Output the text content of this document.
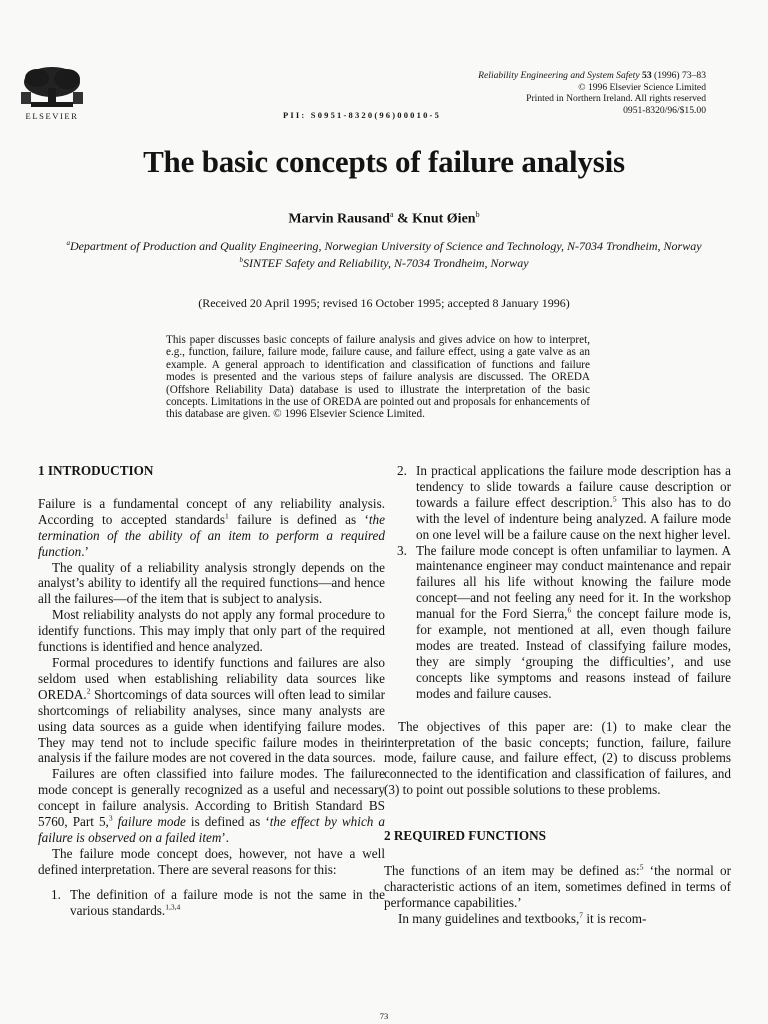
ELSEVIER	PII: S0951-8320(96)00010-5
Reliability Engineering and System Safety 53 (1996) 73–83
© 1996 Elsevier Science Limited
Printed in Northern Ireland. All rights reserved
0951-8320/96/$15.00
The basic concepts of failure analysis
Marvin Rausand$^a$ & Knut Øien$^b$
$^a$Department of Production and Quality Engineering, Norwegian University of Science and Technology, N-7034 Trondheim, Norway
$^b$SINTEF Safety and Reliability, N-7034 Trondheim, Norway
(Received 20 April 1995; revised 16 October 1995; accepted 8 January 1996)
This paper discusses basic concepts of failure analysis and gives advice on how to interpret, e.g., function, failure, failure mode, failure cause, and failure effect, using a gate valve as an example. A general approach to identification and classification of functions and failure modes is presented and the various steps of failure analysis are discussed. The OREDA (Offshore Reliability Data) database is used to illustrate the interpretation of the basic concepts. Limitations in the use of OREDA are pointed out and proposals for enhancements of this database are given. © 1996 Elsevier Science Limited.
1 INTRODUCTION

Failure is a fundamental concept of any reliability analysis. According to accepted standards$^1$ failure is defined as ‘the termination of the ability of an item to perform a required function.’

The quality of a reliability analysis strongly depends on the analyst’s ability to identify all the required functions—and hence all the failures—of the item that is subject to analysis.

Most reliability analysts do not apply any formal procedure to identify functions. This may imply that only part of the required functions is identified and hence analyzed.

Formal procedures to identify functions and failures are also seldom used when establishing reliability data sources like OREDA.$^2$ Shortcomings of data sources will often lead to similar shortcomings of reliability analyses, since many analysts are using data sources as a guide when identifying failure modes. They may tend not to include specific failure modes in their analysis if the failure modes are not covered in the data sources.

Failures are often classified into failure modes. The failure mode concept is generally recognized as a useful and necessary concept in failure analysis. According to British Standard BS 5760, Part 5,$^3$ failure mode is defined as ‘the effect by which a failure is observed on a failed item’.

The failure mode concept does, however, not have a well defined interpretation. There are several reasons for this:

1. The definition of a failure mode is not the same in the various standards.$^{1,3,4}$
2. In practical applications the failure mode description has a tendency to slide towards a failure cause description or towards a failure effect description.$^5$ This also has to do with the level of indenture being analyzed. A failure mode on one level will be a failure cause on the next higher level.
3. The failure mode concept is often unfamiliar to laymen. A maintenance engineer may conduct maintenance and repair failures all his life without knowing the failure mode concept—and not feeling any need for it. In the workshop manual for the Ford Sierra,$^6$ the concept failure mode is, for example, not mentioned at all, even though failure modes are treated. Instead of classifying failure modes, they are simply ‘grouping the difficulties’, and use concepts like symptoms and reasons instead of failure modes and failure causes.

The objectives of this paper are: (1) to make clear the interpretation of the basic concepts; function, failure, failure mode, failure cause, and failure effect, (2) to discuss problems connected to the identification and classification of failures, and (3) to point out possible solutions to these problems.

2 REQUIRED FUNCTIONS

The functions of an item may be defined as:$^5$ ‘the normal or characteristic actions of an item, sometimes defined in terms of performance capabilities.’

In many guidelines and textbooks,$^7$ it is recom-

73
